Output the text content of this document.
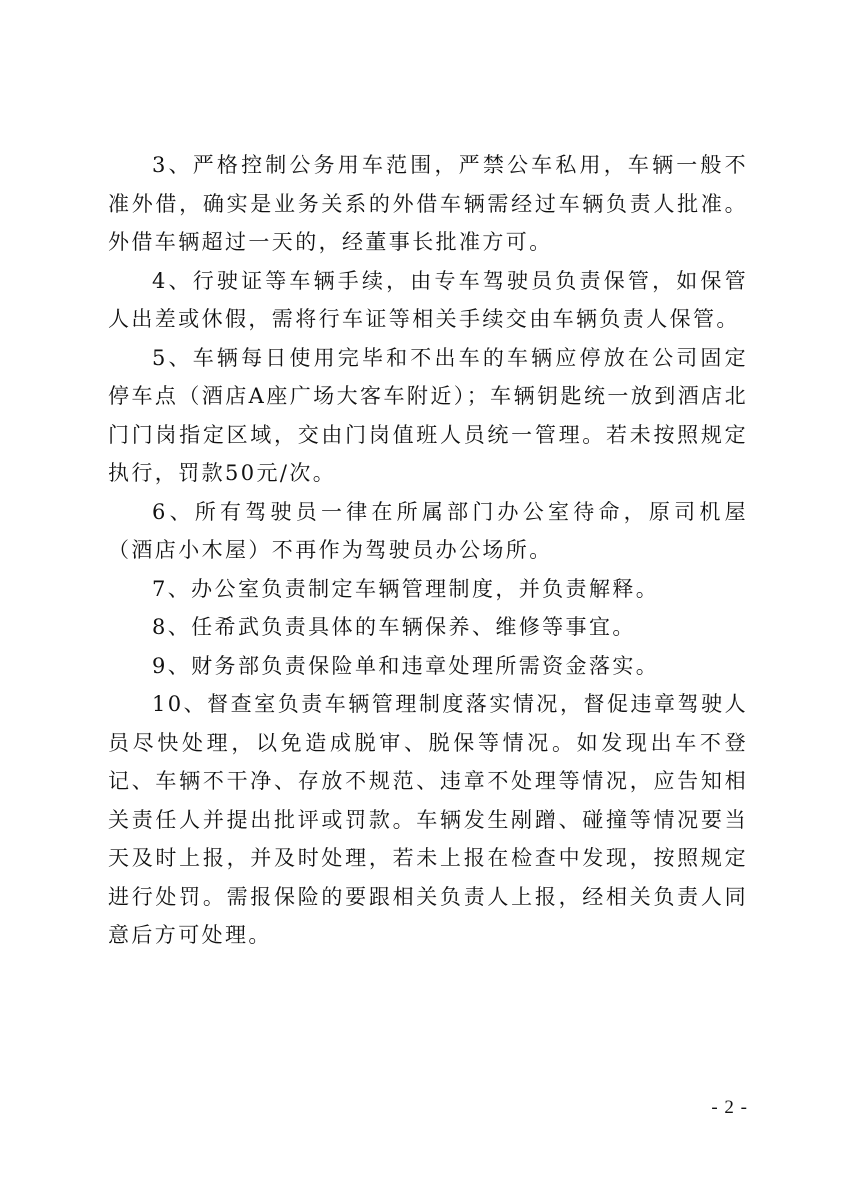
3、严格控制公务用车范围，严禁公车私用，车辆一般不准外借，确实是业务关系的外借车辆需经过车辆负责人批准。外借车辆超过一天的，经董事长批准方可。

4、行驶证等车辆手续，由专车驾驶员负责保管，如保管人出差或休假，需将行车证等相关手续交由车辆负责人保管。

5、车辆每日使用完毕和不出车的车辆应停放在公司固定停车点（酒店A座广场大客车附近）；车辆钥匙统一放到酒店北门门岗指定区域，交由门岗值班人员统一管理。若未按照规定执行，罚款50元/次。

6、所有驾驶员一律在所属部门办公室待命，原司机屋（酒店小木屋）不再作为驾驶员办公场所。

7、办公室负责制定车辆管理制度，并负责解释。

8、任希武负责具体的车辆保养、维修等事宜。

9、财务部负责保险单和违章处理所需资金落实。

10、督查室负责车辆管理制度落实情况，督促违章驾驶人员尽快处理，以免造成脱审、脱保等情况。如发现出车不登记、车辆不干净、存放不规范、违章不处理等情况，应告知相关责任人并提出批评或罚款。车辆发生剐蹭、碰撞等情况要当天及时上报，并及时处理，若未上报在检查中发现，按照规定进行处罚。需报保险的要跟相关负责人上报，经相关负责人同意后方可处理。

- 2 -
